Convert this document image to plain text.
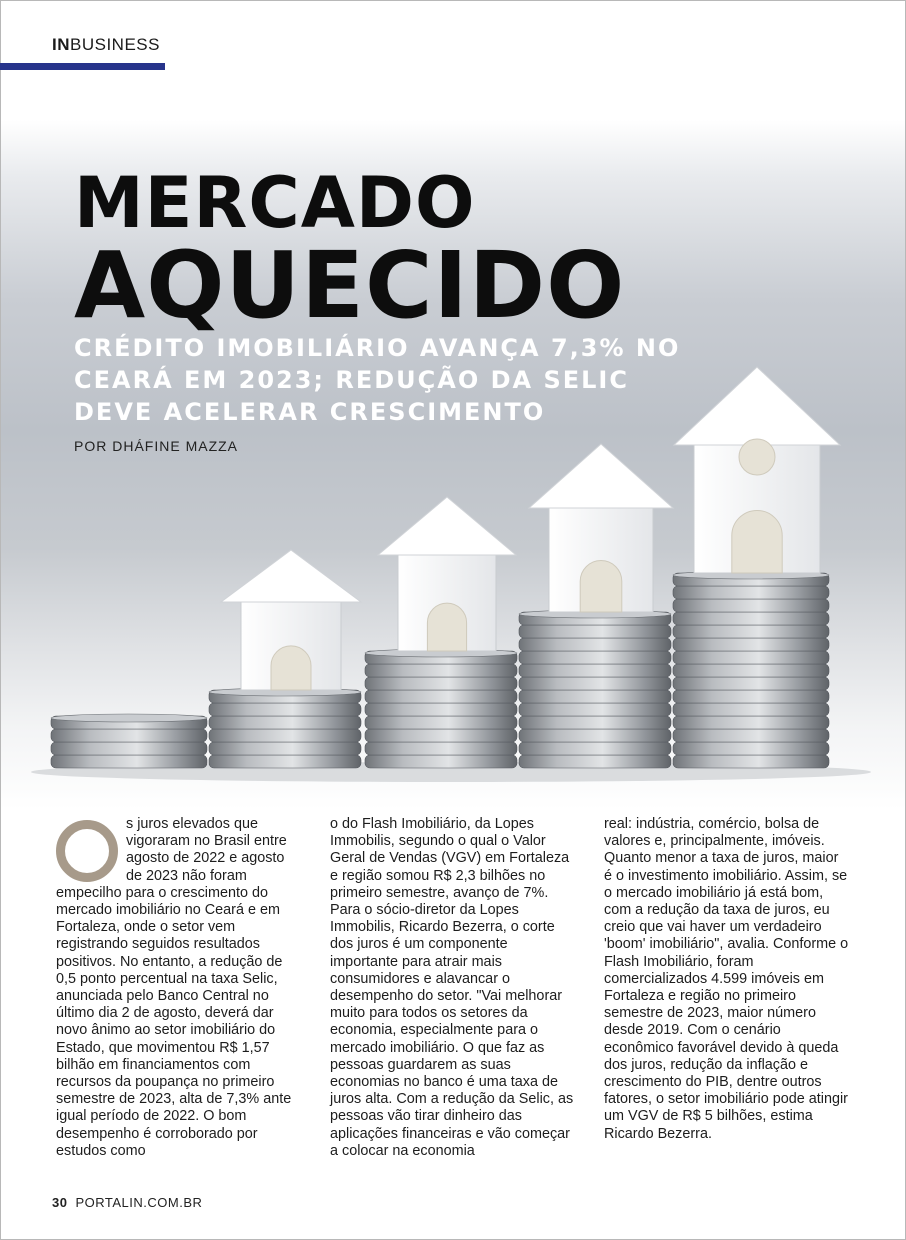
INBUSINESS
MERCADO
AQUECIDO
CRÉDITO IMOBILIÁRIO AVANÇA 7,3% NO CEARÁ EM 2023; REDUÇÃO DA SELIC DEVE ACELERAR CRESCIMENTO
POR DHÁFINE MAZZA
s juros elevados que vigoraram no Brasil entre agosto de 2022 e agosto de 2023 não foram empecilho para o crescimento do mercado imobiliário no Ceará e em Fortaleza, onde o setor vem registrando seguidos resultados positivos. No entanto, a redução de 0,5 ponto percentual na taxa Selic, anunciada pelo Banco Central no último dia 2 de agosto, deverá dar novo ânimo ao setor imobiliário do Estado, que movimentou R$ 1,57 bilhão em financiamentos com recursos da poupança no primeiro semestre de 2023, alta de 7,3% ante igual período de 2022. O bom desempenho é corroborado por estudos como
o do Flash Imobiliário, da Lopes Immobilis, segundo o qual o Valor Geral de Vendas (VGV) em Fortaleza e região somou R$ 2,3 bilhões no primeiro semestre, avanço de 7%. Para o sócio-diretor da Lopes Immobilis, Ricardo Bezerra, o corte dos juros é um componente importante para atrair mais consumidores e alavancar o desempenho do setor. "Vai melhorar muito para todos os setores da economia, especialmente para o mercado imobiliário. O que faz as pessoas guardarem as suas economias no banco é uma taxa de juros alta. Com a redução da Selic, as pessoas vão tirar dinheiro das aplicações financeiras e vão começar a colocar na economia
real: indústria, comércio, bolsa de valores e, principalmente, imóveis. Quanto menor a taxa de juros, maior é o investimento imobiliário. Assim, se o mercado imobiliário já está bom, com a redução da taxa de juros, eu creio que vai haver um verdadeiro 'boom' imobiliário", avalia. Conforme o Flash Imobiliário, foram comercializados 4.599 imóveis em Fortaleza e região no primeiro semestre de 2023, maior número desde 2019. Com o cenário econômico favorável devido à queda dos juros, redução da inflação e crescimento do PIB, dentre outros fatores, o setor imobiliário pode atingir um VGV de R$ 5 bilhões, estima Ricardo Bezerra.
30 PORTALIN.COM.BR
